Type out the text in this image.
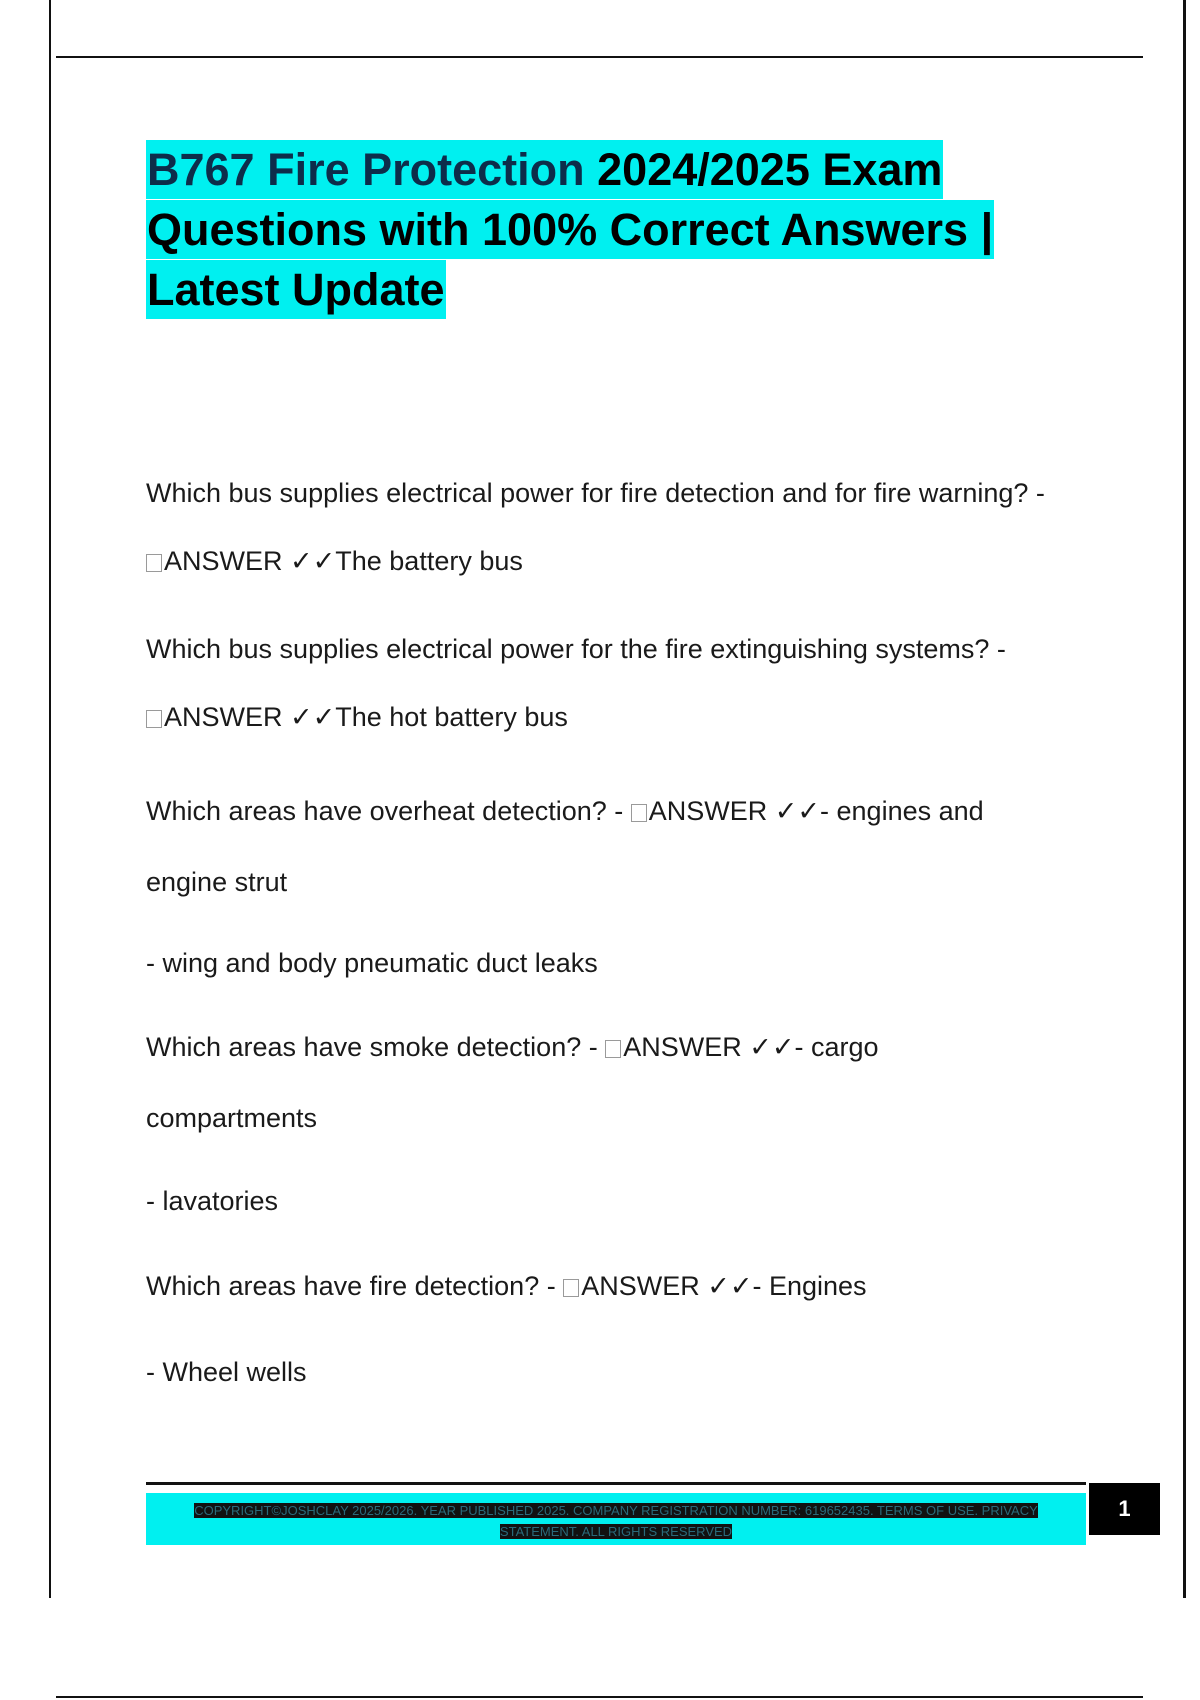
B767 Fire Protection 2024/2025 Exam Questions with 100% Correct Answers | Latest Update

Which bus supplies electrical power for fire detection and for fire warning? -

ANSWER ✓✓The battery bus

Which bus supplies electrical power for the fire extinguishing systems? -

ANSWER ✓✓The hot battery bus

Which areas have overheat detection? - ANSWER ✓✓- engines and

engine strut

- wing and body pneumatic duct leaks

Which areas have smoke detection? - ANSWER ✓✓- cargo

compartments

- lavatories

Which areas have fire detection? - ANSWER ✓✓- Engines

- Wheel wells

COPYRIGHT©JOSHCLAY 2025/2026. YEAR PUBLISHED 2025. COMPANY REGISTRATION NUMBER: 619652435. TERMS OF USE. PRIVACY
STATEMENT. ALL RIGHTS RESERVED
1
